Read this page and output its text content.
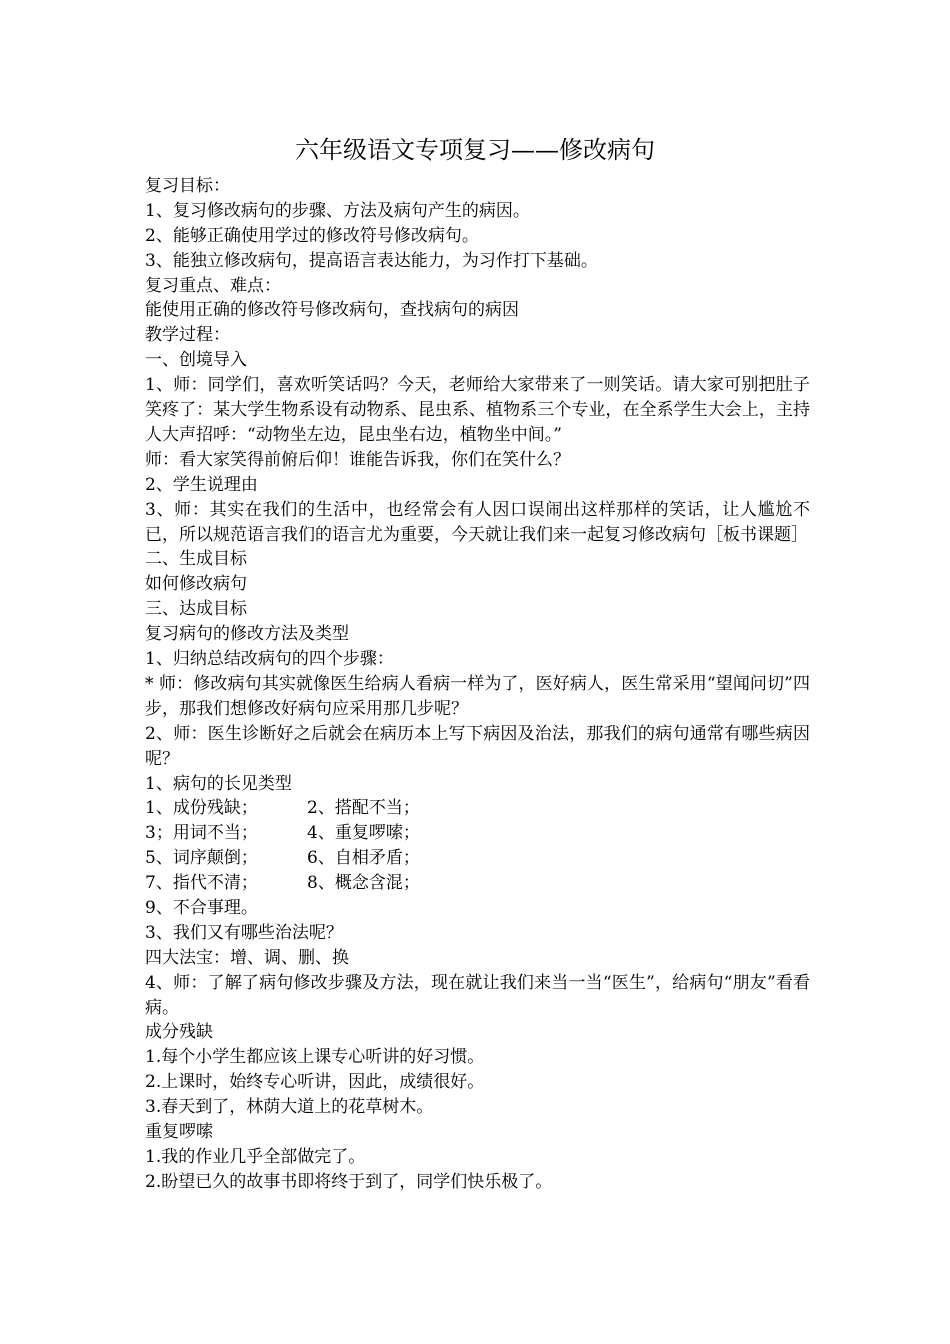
六年级语文专项复习——修改病句
复习目标：
1、复习修改病句的步骤、方法及病句产生的病因。
2、能够正确使用学过的修改符号修改病句。
3、能独立修改病句，提高语言表达能力，为习作打下基础。
复习重点、难点：
能使用正确的修改符号修改病句，查找病句的病因
教学过程：
一、创境导入
1、师：同学们，喜欢听笑话吗？今天，老师给大家带来了一则笑话。请大家可别把肚子笑疼了：某大学生物系设有动物系、昆虫系、植物系三个专业，在全系学生大会上，主持人大声招呼：“动物坐左边，昆虫坐右边，植物坐中间。”
师：看大家笑得前俯后仰！谁能告诉我，你们在笑什么？
2、学生说理由
3、师：其实在我们的生活中，也经常会有人因口误闹出这样那样的笑话，让人尴尬不已，所以规范语言我们的语言尤为重要，今天就让我们来一起复习修改病句［板书课题］
二、生成目标
如何修改病句
三、达成目标
复习病句的修改方法及类型
1、归纳总结改病句的四个步骤：
* 师：修改病句其实就像医生给病人看病一样为了，医好病人，医生常采用“望闻问切”四步，那我们想修改好病句应采用那几步呢？
2、师：医生诊断好之后就会在病历本上写下病因及治法，那我们的病句通常有哪些病因呢？
1、病句的长见类型
1、成份残缺；	2、搭配不当；
3；用词不当；	4、重复啰嗦；
5、词序颠倒；	6、自相矛盾；
7、指代不清；	8、概念含混；
9、不合事理。
3、我们又有哪些治法呢？
四大法宝：增、调、删、换
4、师：了解了病句修改步骤及方法，现在就让我们来当一当“医生”，给病句“朋友”看看病。
成分残缺
1.每个小学生都应该上课专心听讲的好习惯。
2.上课时，始终专心听讲，因此，成绩很好。
3.春天到了，林荫大道上的花草树木。
重复啰嗦
1.我的作业几乎全部做完了。
2.盼望已久的故事书即将终于到了，同学们快乐极了。
